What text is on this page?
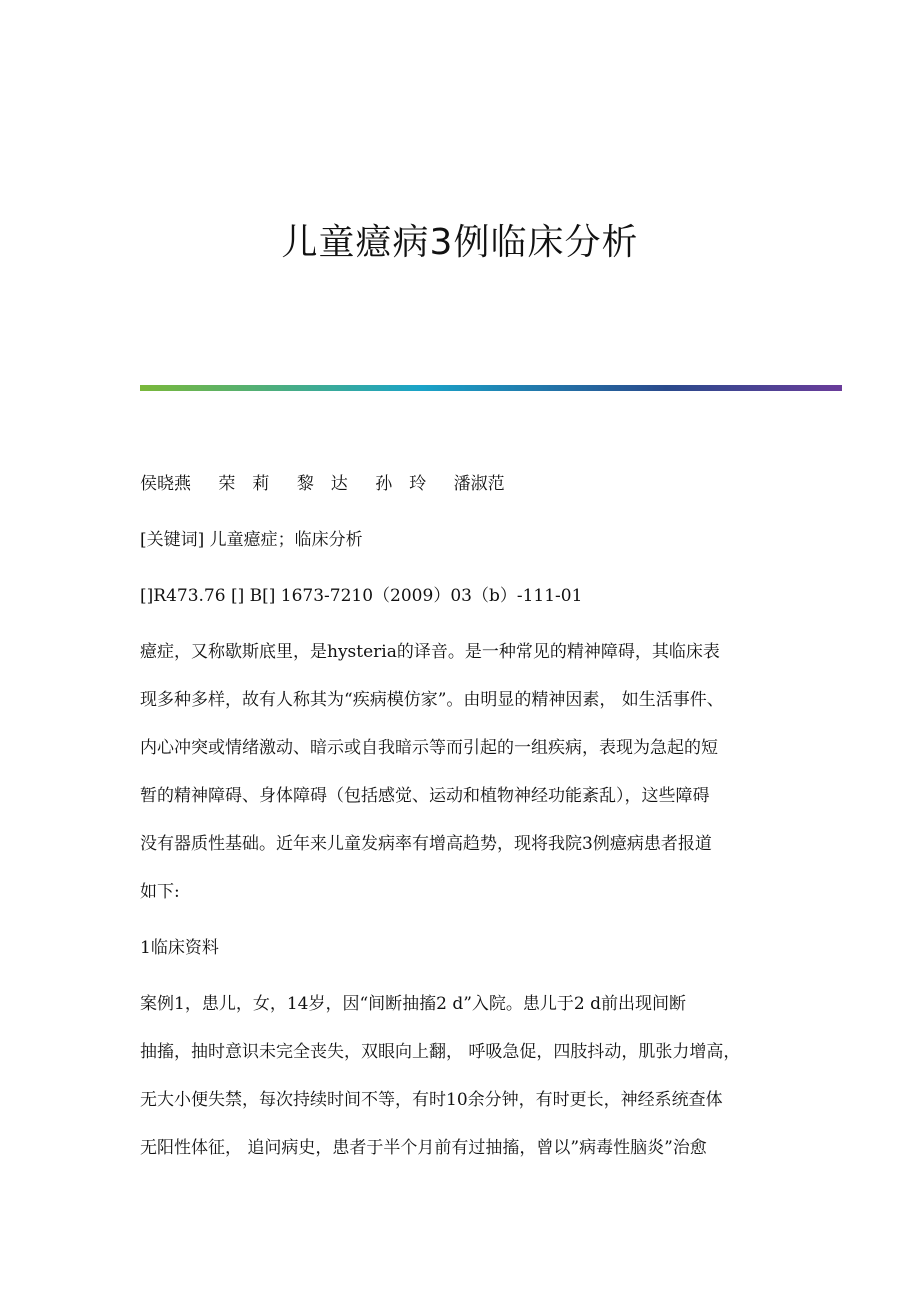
儿童癔病3例临床分析
侯晓燕 荣　莉 黎　达 孙　玲 潘淑范

[关键词] 儿童癔症；临床分析

[]R473.76 [] B[] 1673-7210（2009）03（b）-111-01

癔症，又称歇斯底里，是hysteria的译音。是一种常见的精神障碍，其临床表

现多种多样，故有人称其为“疾病模仿家”。由明显的精神因素， 如生活事件、

内心冲突或情绪激动、暗示或自我暗示等而引起的一组疾病，表现为急起的短

暂的精神障碍、身体障碍（包括感觉、运动和植物神经功能紊乱），这些障碍

没有器质性基础。近年来儿童发病率有增高趋势，现将我院3例癔病患者报道

如下:

1临床资料

案例1，患儿，女，14岁，因“间断抽搐2 d”入院。患儿于2 d前出现间断

抽搐，抽时意识未完全丧失，双眼向上翻， 呼吸急促，四肢抖动，肌张力增高，

无大小便失禁，每次持续时间不等，有时10余分钟，有时更长，神经系统查体

无阳性体征， 追问病史，患者于半个月前有过抽搐，曾以”病毒性脑炎”治愈
